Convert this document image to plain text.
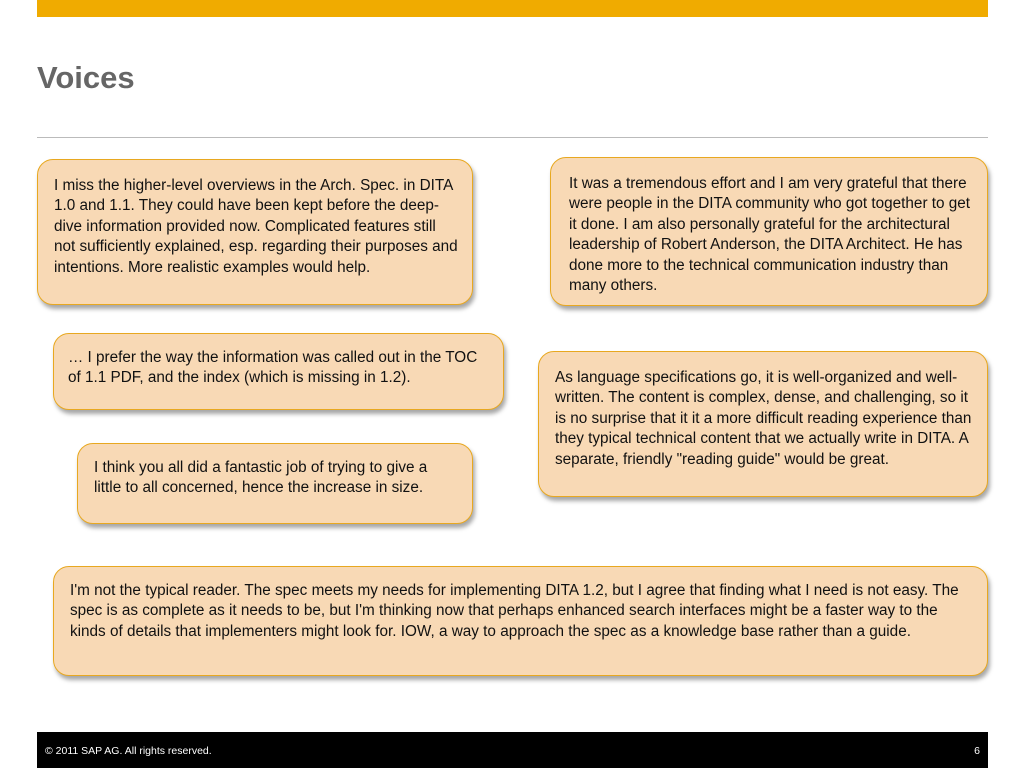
Voices
I miss the higher-level overviews in the Arch. Spec. in DITA 1.0 and 1.1. They could have been kept before the deep-dive information provided now. Complicated features still not sufficiently explained, esp. regarding their purposes and intentions. More realistic examples would help.
It was a tremendous effort and I am very grateful that there were people in the DITA community who got together to get it done. I am also personally grateful for the architectural leadership of Robert Anderson, the DITA Architect. He has done more to the technical communication industry than many others.
… I prefer the way the information was called out in the TOC of 1.1 PDF, and the index (which is missing in 1.2).	As language specifications go, it is well-organized and well-written. The content is complex, dense, and challenging, so it is no surprise that it it a more difficult reading experience than they typical technical content that we actually write in DITA. A separate, friendly "reading guide" would be great.
I think you all did a fantastic job of trying to give a little to all concerned, hence the increase in size.
I'm not the typical reader. The spec meets my needs for implementing DITA 1.2, but I agree that finding what I need is not easy. The spec is as complete as it needs to be, but I'm thinking now that perhaps enhanced search interfaces might be a faster way to the kinds of details that implementers might look for. IOW, a way to approach the spec as a knowledge base rather than a guide.
© 2011 SAP AG. All rights reserved.	6
